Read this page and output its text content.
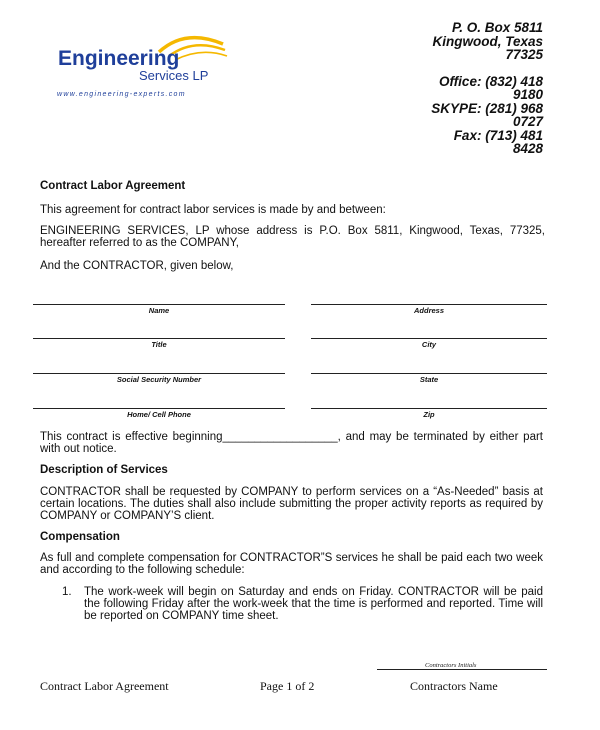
Engineering
Services LP
www.engineering-experts.com
P. O. Box 5811
Kingwood, Texas
77325
Office: (832) 418
9180
SKYPE: (281) 968
0727
Fax: (713) 481
8428
Contract Labor Agreement
This agreement for contract labor services is made by and between:
ENGINEERING SERVICES, LP whose address is P.O. Box 5811, Kingwood, Texas, 77325, hereafter referred to as the COMPANY,
And the CONTRACTOR, given below,
Name	Address
Title	City
Social Security Number	State
Home/ Cell Phone	Zip
This contract is effective beginning__________________, and may be terminated by either part with out notice.
Description of Services
CONTRACTOR shall be requested by COMPANY to perform services on a “As-Needed” basis at certain locations. The duties shall also include submitting the proper activity reports as required by COMPANY or COMPANY’S client.
Compensation
As full and complete compensation for CONTRACTOR”S services he shall be paid each two week and according to the following schedule:
1. The work-week will begin on Saturday and ends on Friday. CONTRACTOR will be paid the following Friday after the work-week that the time is performed and reported. Time will be reported on COMPANY time sheet.
Contractors Initials
Contract Labor Agreement	Page 1 of 2	Contractors Name
